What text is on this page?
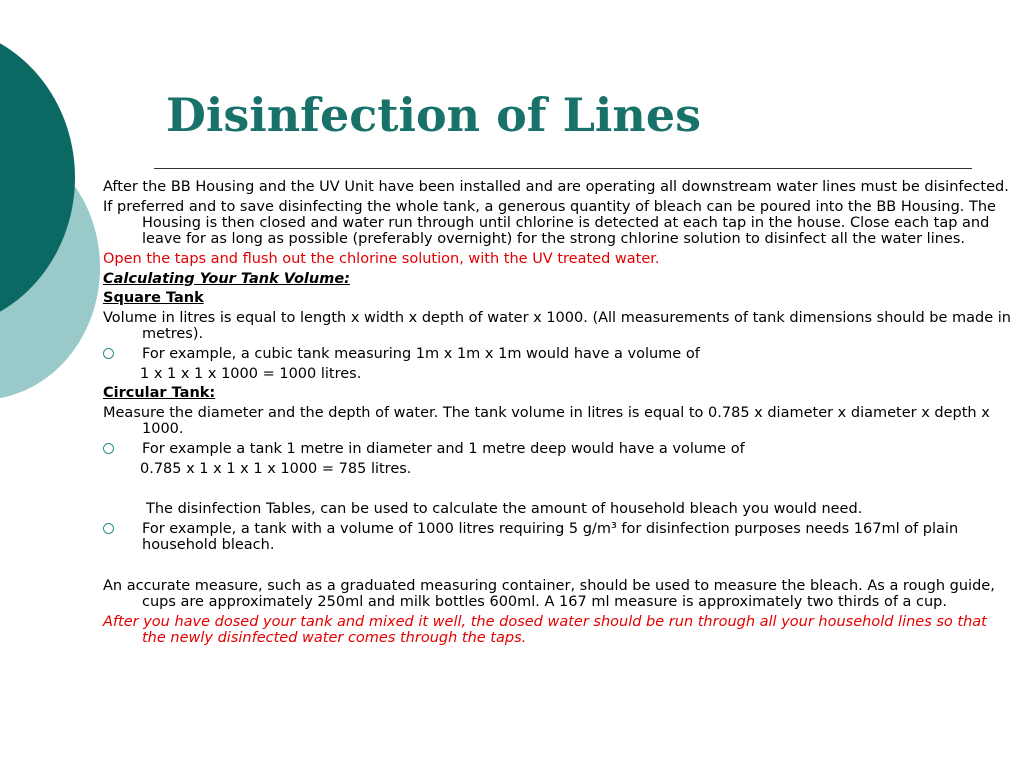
Disinfection of Lines

After the BB Housing and the UV Unit have been installed and are operating all downstream water lines must be disinfected.

If preferred and to save disinfecting the whole tank, a generous quantity of bleach can be poured into the BB Housing. The Housing is then closed and water run through until chlorine is detected at each tap in the house. Close each tap and leave for as long as possible (preferably overnight) for the strong chlorine solution to disinfect all the water lines.

Open the taps and flush out the chlorine solution, with the UV treated water.

Calculating Your Tank Volume:

Square Tank

Volume in litres is equal to length x width x depth of water x 1000. (All measurements of tank dimensions should be made in metres).

For example, a cubic tank measuring 1m x 1m x 1m would have a volume of

1 x 1 x 1 x 1000 = 1000 litres.

Circular Tank:

Measure the diameter and the depth of water. The tank volume in litres is equal to 0.785 x diameter x diameter x depth x 1000.

For example a tank 1 metre in diameter and 1 metre deep would have a volume of

0.785 x 1 x 1 x 1 x 1000 = 785 litres.

The disinfection Tables, can be used to calculate the amount of household bleach you would need.

For example, a tank with a volume of 1000 litres requiring 5 g/m³ for disinfection purposes needs 167ml of plain household bleach.

An accurate measure, such as a graduated measuring container, should be used to measure the bleach. As a rough guide, cups are approximately 250ml and milk bottles 600ml. A 167 ml measure is approximately two thirds of a cup.

After you have dosed your tank and mixed it well, the dosed water should be run through all your household lines so that the newly disinfected water comes through the taps.
